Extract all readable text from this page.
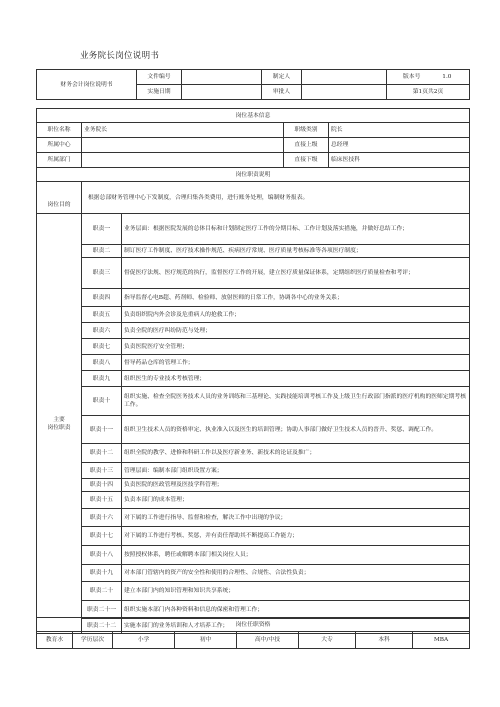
业务院长岗位说明书
财务会计岗位说明书	文件编号		制定人		版本号 1.0
	实施日期		审批人		第1页共2页
岗位基本信息				
职位名称	业务院长		职级类别	院长
所属中心			直接上级	总经理
所属部门			直接下级	临床医技科
岗位职责说明				
岗位目的	根据总部财务管理中心下发制度，合理归集各类费用，进行账务处理，编制财务报表。			

主要
岗位职责	职责一	业务层面：根据医院发展的总体目标和计划制定医疗工作的分期目标、工作计划及落实措施，并做好总结工作；		
	职责二	制订医疗工作制度、医疗技术操作规范、疾病医疗常规、医疗质量考核标准等各项医疗制度；		
	职责三	督促医疗法规、医疗规范的执行，监督医疗工作的开展，建立医疗质量保证体系，定期组织医疗质量检查和考评；		
	职责四	指导监督心电B超、药剂师、检验师、放射医师的日常工作，协调各中心的业务关系；		
	职责五	负责组织院内外会诊及危重病人的抢救工作；		
	职责六	负责全院的医疗纠纷防范与处理；		
	职责七	负责医院医疗安全管理；		
	职责八	督导药品仓库的管理工作；		
	职责九	组织医生的专业技术考核管理；		
	职责十	组织实施、检查全院医务技术人员的业务训练和三基理论、实践技能培训考核工作及上级卫生行政部门指派的医疗机构的医师定期考核工作。		
	职责十一	组织卫生技术人员的资格审定、执业准入以及医生的培训管理；协助人事部门做好卫生技术人员的晋升、奖惩、调配工作。		
	职责十二	组织全院的教学、进修和科研工作以及医疗新业务、新技术的论证及推广；		
	职责十三	管理层面：编制本部门组织设置方案；		
	职责十四	负责医院的医政管理及医技学科管理；		
	职责十五	负责本部门的成本管理；		
	职责十六	对下属的工作进行指导、监督和检查，解决工作中出现的争议；		
	职责十七	对下属的工作进行考核、奖惩，并有责任帮助其不断提高工作能力；		
	职责十八	按照授权体系，聘任或解聘本部门相关岗位人员；		
	职责十九	对本部门管辖内的资产的安全性和使用的合理性、合规性、合法性负责；		
	职责二十	建立本部门内的知识管理和知识共享系统；		
	职责二十一	组织实施本部门内各种资料和信息的保密和管理工作；		
	职责二十二	实施本部门的业务培训和人才培养工作；		岗位任职资格
教育水	学历层次	小学	初中	高中/中技	大专	本科	MBA
